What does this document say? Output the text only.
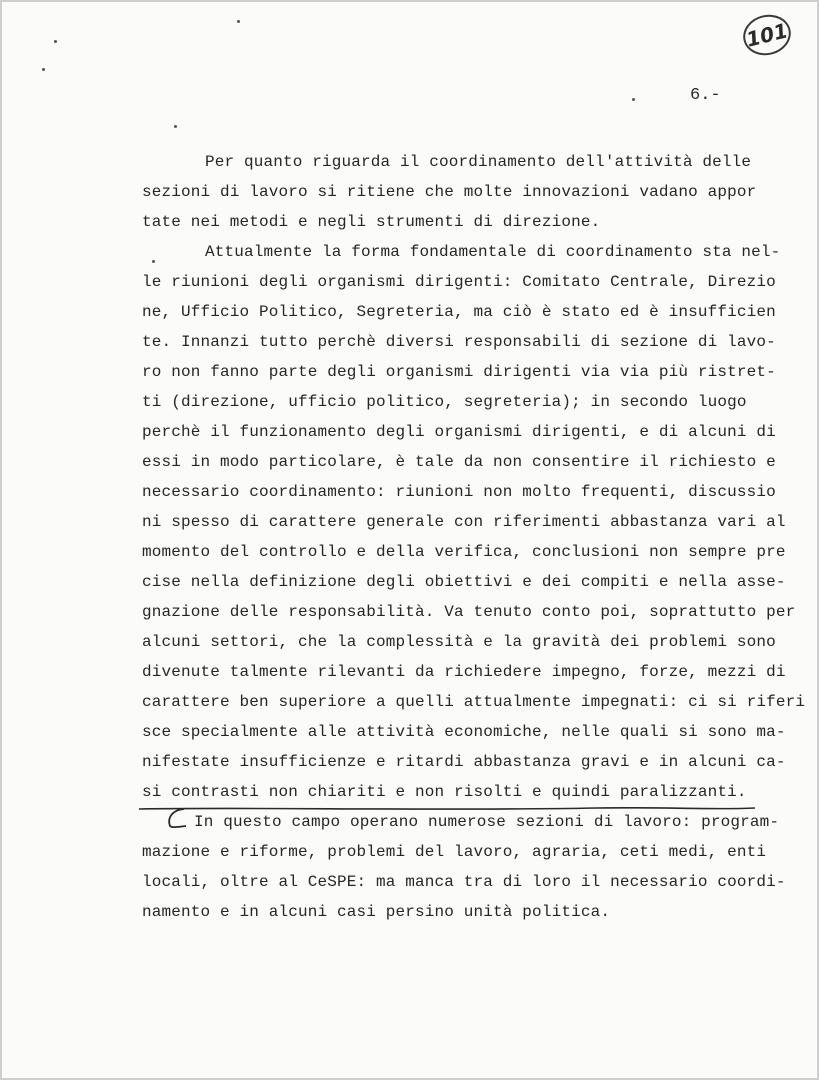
101
6.-
Per quanto riguarda il coordinamento dell'attività delle
sezioni di lavoro si ritiene che molte innovazioni vadano appor
tate nei metodi e negli strumenti di direzione.
Attualmente la forma fondamentale di coordinamento sta nel-
le riunioni degli organismi dirigenti: Comitato Centrale, Direzio
ne, Ufficio Politico, Segreteria, ma ciò è stato ed è insufficien
te. Innanzi tutto perchè diversi responsabili di sezione di lavo-
ro non fanno parte degli organismi dirigenti via via più ristret-
ti (direzione, ufficio politico, segreteria); in secondo luogo
perchè il funzionamento degli organismi dirigenti, e di alcuni di
essi in modo particolare, è tale da non consentire il richiesto e
necessario coordinamento: riunioni non molto frequenti, discussio
ni spesso di carattere generale con riferimenti abbastanza vari al
momento del controllo e della verifica, conclusioni non sempre pre
cise nella definizione degli obiettivi e dei compiti e nella asse-
gnazione delle responsabilità. Va tenuto conto poi, soprattutto per
alcuni settori, che la complessità e la gravità dei problemi sono
divenute talmente rilevanti da richiedere impegno, forze, mezzi di
carattere ben superiore a quelli attualmente impegnati: ci si riferi
sce specialmente alle attività economiche, nelle quali si sono ma-
nifestate insufficienze e ritardi abbastanza gravi e in alcuni ca-
si contrasti non chiariti e non risolti e quindi paralizzanti.
In questo campo operano numerose sezioni di lavoro: program-
mazione e riforme, problemi del lavoro, agraria, ceti medi, enti
locali, oltre al CeSPE: ma manca tra di loro il necessario coordi-
namento e in alcuni casi persino unità politica.
